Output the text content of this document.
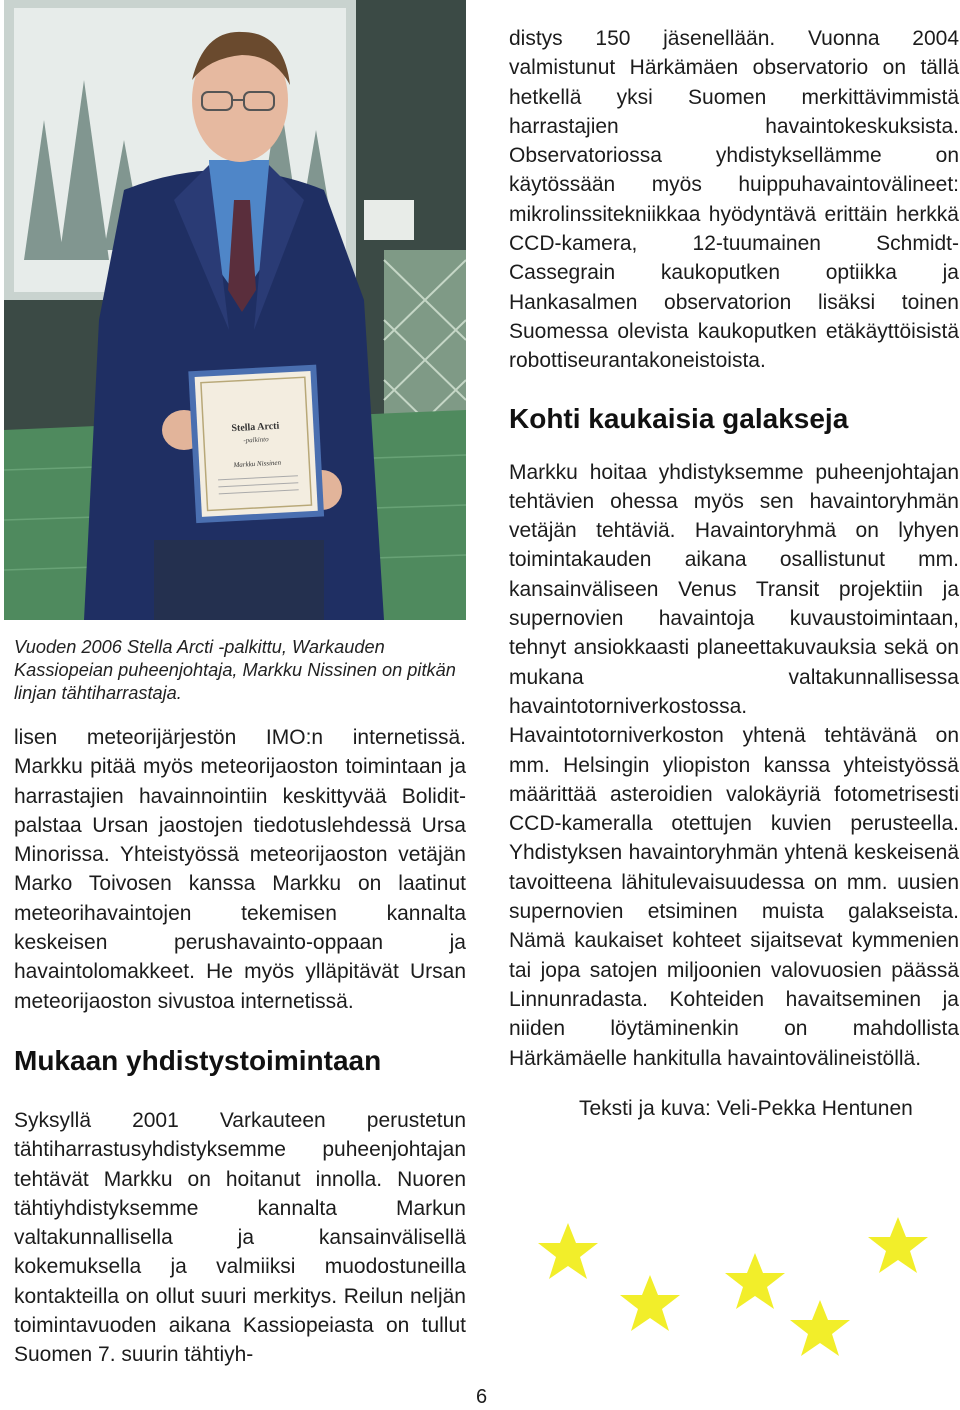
Stella Arcti
-palkinto
Markku Nissinen

Vuoden 2006 Stella Arcti -palkittu, Warkauden Kassiopeian puheenjohtaja, Markku Nissinen on pitkän linjan tähtiharrastaja.

lisen meteorijärjestön IMO:n internetissä. Markku pitää myös meteorijaoston toimintaan ja harrastajien havainnointiin keskittyvää Bolidit-palstaa Ursan jaostojen tiedotuslehdessä Ursa Minorissa. Yhteistyössä meteorijaoston vetäjän Marko Toivosen kanssa Markku on laatinut meteorihavaintojen tekemisen kannalta keskeisen perushavainto-oppaan ja havaintolomakkeet. He myös ylläpitävät Ursan meteorijaoston sivustoa internetissä.

Mukaan yhdistystoimintaan

Syksyllä 2001 Varkauteen perustetun tähtiharrastusyhdistyksemme puheenjohtajan tehtävät Markku on hoitanut innolla. Nuoren tähtiyhdistyksemme kannalta Markun valtakunnallisella ja kansainvälisellä kokemuksella ja valmiiksi muodostuneilla kontakteilla on ollut suuri merkitys. Reilun neljän toimintavuoden aikana Kassiopeiasta on tullut Suomen 7. suurin tähtiyh-

distys 150 jäsenellään. Vuonna 2004 valmistunut Härkämäen observatorio on tällä hetkellä yksi Suomen merkittävimmistä harrastajien havaintokeskuksista. Observatoriossa yhdistyksellämme on käytössään myös huippuhavaintovälineet: mikrolinssitekniikkaa hyödyntävä erittäin herkkä CCD-kamera, 12-tuumainen Schmidt-Cassegrain kaukoputken optiikka ja Hankasalmen observatorion lisäksi toinen Suomessa olevista kaukoputken etäkäyttöisistä robottiseurantakoneistoista.

Kohti kaukaisia galakseja

Markku hoitaa yhdistyksemme puheenjohtajan tehtävien ohessa myös sen havaintoryhmän vetäjän tehtäviä. Havaintoryhmä on lyhyen toimintakauden aikana osallistunut mm. kansainväliseen Venus Transit projektiin ja supernovien havaintoja kuvaustoimintaan, tehnyt ansiokkaasti planeettakuvauksia sekä on mukana valtakunnallisessa havaintotorniverkostossa. Havaintotorniverkoston yhtenä tehtävänä on mm. Helsingin yliopiston kanssa yhteistyössä määrittää asteroidien valokäyriä fotometrisesti CCD-kameralla otettujen kuvien perusteella. Yhdistyksen havaintoryhmän yhtenä keskeisenä tavoitteena lähitulevaisuudessa on mm. uusien supernovien etsiminen muista galakseista. Nämä kaukaiset kohteet sijaitsevat kymmenien tai jopa satojen miljoonien valovuosien päässä Linnunradasta. Kohteiden havaitseminen ja niiden löytäminenkin on mahdollista Härkämäelle hankitulla havaintovälineistöllä.

Teksti ja kuva: Veli-Pekka Hentunen
6
